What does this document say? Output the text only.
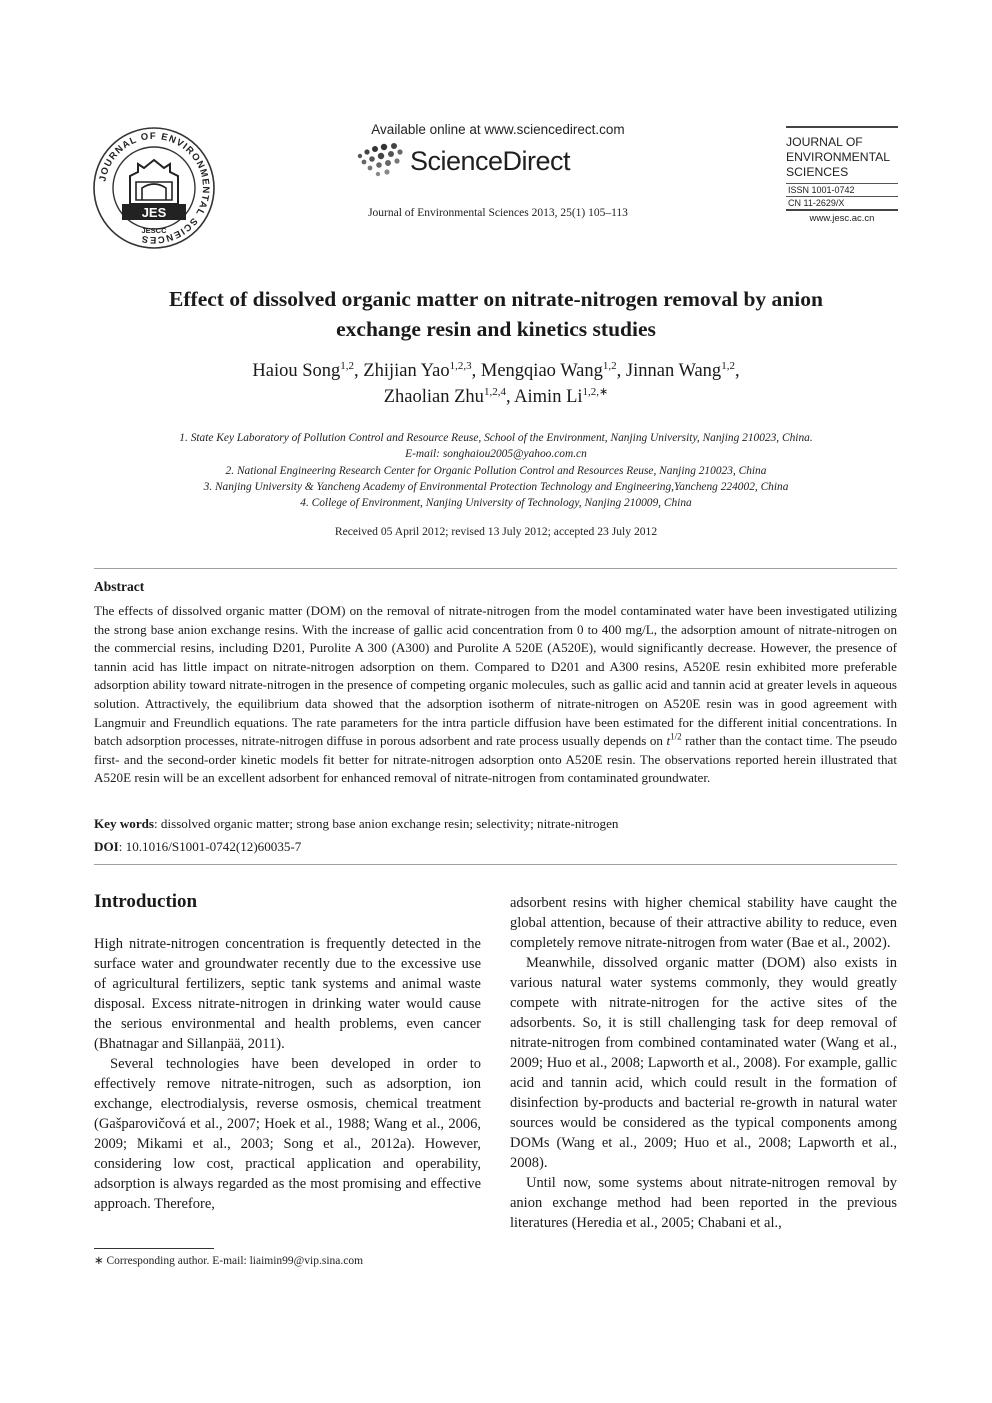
JOURNAL OF ENVIRONMENTAL SCIENCES
JES
JESCC
Available online at www.sciencedirect.com
ScienceDirect
Journal of Environmental Sciences 2013, 25(1) 105–113
JOURNAL OF
ENVIRONMENTAL
SCIENCES
ISSN 1001-0742
CN 11-2629/X
www.jesc.ac.cn
Effect of dissolved organic matter on nitrate-nitrogen removal by anion
exchange resin and kinetics studies
Haiou Song$^{1,2}$, Zhijian Yao$^{1,2,3}$, Mengqiao Wang$^{1,2}$, Jinnan Wang$^{1,2}$,
Zhaolian Zhu$^{1,2,4}$, Aimin $Li^{1,2,∗}$
1. State Key Laboratory of Pollution Control and Resource Reuse, School of the Environment, Nanjing University, Nanjing 210023, China.
E-mail: songhaiou2005@yahoo.com.cn
2. National Engineering Research Center for Organic Pollution Control and Resources Reuse, Nanjing 210023, China
3. Nanjing University & Yancheng Academy of Environmental Protection Technology and Engineering,Yancheng 224002, China
4. College of Environment, Nanjing University of Technology, Nanjing 210009, China
Received 05 April 2012; revised 13 July 2012; accepted 23 July 2012
Abstract
The effects of dissolved organic matter (DOM) on the removal of nitrate-nitrogen from the model contaminated water have been investigated utilizing the strong base anion exchange resins. With the increase of gallic acid concentration from 0 to 400 mg/L, the adsorption amount of nitrate-nitrogen on the commercial resins, including D201, Purolite A 300 (A300) and Purolite A 520E (A520E), would significantly decrease. However, the presence of tannin acid has little impact on nitrate-nitrogen adsorption on them. Compared to D201 and A300 resins, A520E resin exhibited more preferable adsorption ability toward nitrate-nitrogen in the presence of competing organic molecules, such as gallic acid and tannin acid at greater levels in aqueous solution. Attractively, the equilibrium data showed that the adsorption isotherm of nitrate-nitrogen on A520E resin was in good agreement with Langmuir and Freundlich equations. The rate parameters for the intra particle diffusion have been estimated for the different initial concentrations. In batch adsorption processes, nitrate-nitrogen diffuse in porous adsorbent and rate process usually depends on $t^{1/2}$ rather than the contact time. The pseudo first- and the second-order kinetic models fit better for nitrate-nitrogen adsorption onto A520E resin. The observations reported herein illustrated that A520E resin will be an excellent adsorbent for enhanced removal of nitrate-nitrogen from contaminated groundwater.
Key words: dissolved organic matter; strong base anion exchange resin; selectivity; nitrate-nitrogen
DOI: 10.1016/S1001-0742(12)60035-7
Introduction

High nitrate-nitrogen concentration is frequently detected in the surface water and groundwater recently due to the excessive use of agricultural fertilizers, septic tank systems and animal waste disposal. Excess nitrate-nitrogen in drinking water would cause the serious environmental and health problems, even cancer (Bhatnagar and Sillanpää, 2011).

Several technologies have been developed in order to effectively remove nitrate-nitrogen, such as adsorption, ion exchange, electrodialysis, reverse osmosis, chemical treatment (Gašparovičová et al., 2007; Hoek et al., 1988; Wang et al., 2006, 2009; Mikami et al., 2003; Song et al., 2012a). However, considering low cost, practical application and operability, adsorption is always regarded as the most promising and effective approach. Therefore,

adsorbent resins with higher chemical stability have caught the global attention, because of their attractive ability to reduce, even completely remove nitrate-nitrogen from water (Bae et al., 2002).

Meanwhile, dissolved organic matter (DOM) also exists in various natural water systems commonly, they would greatly compete with nitrate-nitrogen for the active sites of the adsorbents. So, it is still challenging task for deep removal of nitrate-nitrogen from combined contaminated water (Wang et al., 2009; Huo et al., 2008; Lapworth et al., 2008). For example, gallic acid and tannin acid, which could result in the formation of disinfection by-products and bacterial re-growth in natural water sources would be considered as the typical components among DOMs (Wang et al., 2009; Huo et al., 2008; Lapworth et al., 2008).

Until now, some systems about nitrate-nitrogen removal by anion exchange method had been reported in the previous literatures (Heredia et al., 2005; Chabani et al.,

∗ Corresponding author. E-mail: liaimin99@vip.sina.com
